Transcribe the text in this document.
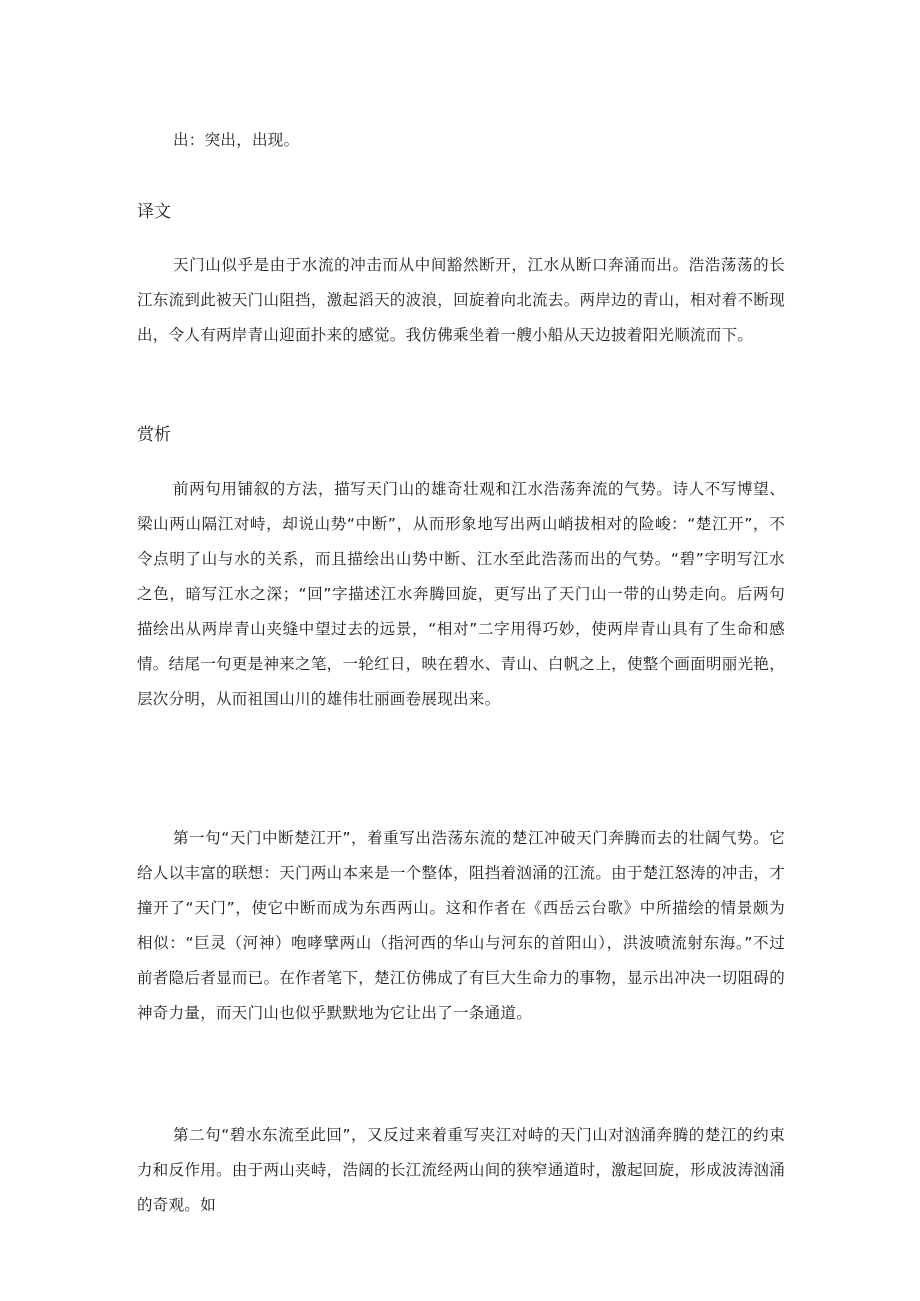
出：突出，出现。

译文

天门山似乎是由于水流的冲击而从中间豁然断开，江水从断口奔涌而出。浩浩荡荡的长江东流到此被天门山阻挡，激起滔天的波浪，回旋着向北流去。两岸边的青山，相对着不断现出，令人有两岸青山迎面扑来的感觉。我仿佛乘坐着一艘小船从天边披着阳光顺流而下。

赏析

前两句用铺叙的方法，描写天门山的雄奇壮观和江水浩荡奔流的气势。诗人不写博望、梁山两山隔江对峙，却说山势“中断”，从而形象地写出两山峭拔相对的险峻：“楚江开”，不令点明了山与水的关系，而且描绘出山势中断、江水至此浩荡而出的气势。“碧”字明写江水之色，暗写江水之深；“回”字描述江水奔腾回旋，更写出了天门山一带的山势走向。后两句描绘出从两岸青山夹缝中望过去的远景，“相对”二字用得巧妙，使两岸青山具有了生命和感情。结尾一句更是神来之笔，一轮红日，映在碧水、青山、白帆之上，使整个画面明丽光艳，层次分明，从而祖国山川的雄伟壮丽画卷展现出来。

第一句“天门中断楚江开”，着重写出浩荡东流的楚江冲破天门奔腾而去的壮阔气势。它给人以丰富的联想：天门两山本来是一个整体，阻挡着汹涌的江流。由于楚江怒涛的冲击，才撞开了“天门”，使它中断而成为东西两山。这和作者在《西岳云台歌》中所描绘的情景颇为相似：“巨灵（河神）咆哮擘两山（指河西的华山与河东的首阳山），洪波喷流射东海。”不过前者隐后者显而已。在作者笔下，楚江仿佛成了有巨大生命力的事物，显示出冲决一切阻碍的神奇力量，而天门山也似乎默默地为它让出了一条通道。

第二句“碧水东流至此回”，又反过来着重写夹江对峙的天门山对汹涌奔腾的楚江的约束力和反作用。由于两山夹峙，浩阔的长江流经两山间的狭窄通道时，激起回旋，形成波涛汹涌的奇观。如
